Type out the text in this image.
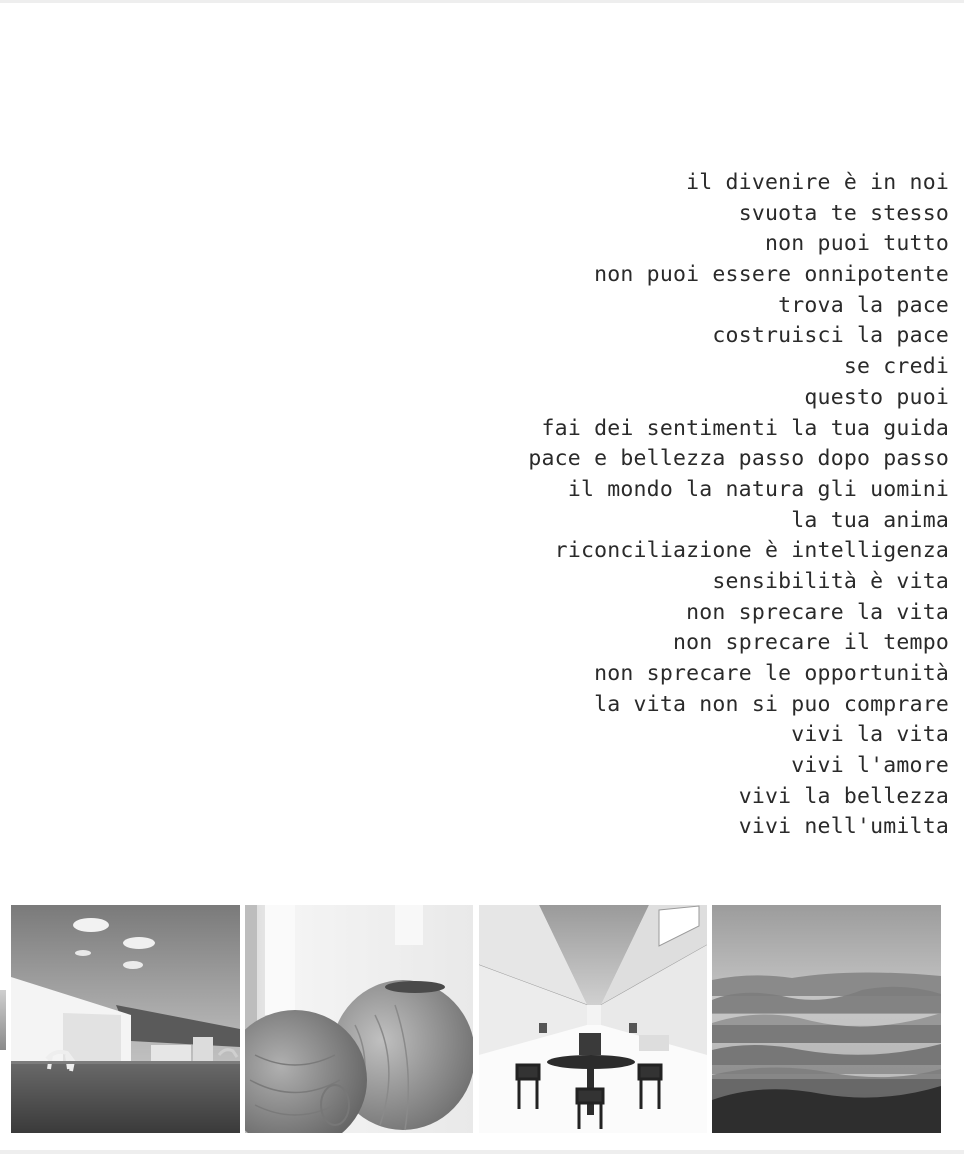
il divenire è in noi
svuota te stesso
non puoi tutto
non puoi essere onnipotente
trova la pace
costruisci la pace
se credi
questo puoi
fai dei sentimenti la tua guida
pace e bellezza passo dopo passo
il mondo la natura gli uomini
la tua anima
riconciliazione è intelligenza
sensibilità è vita
non sprecare la vita
non sprecare il tempo
non sprecare le opportunità
la vita non si puo comprare
vivi la vita
vivi l'amore
vivi la bellezza
vivi nell'umilta
